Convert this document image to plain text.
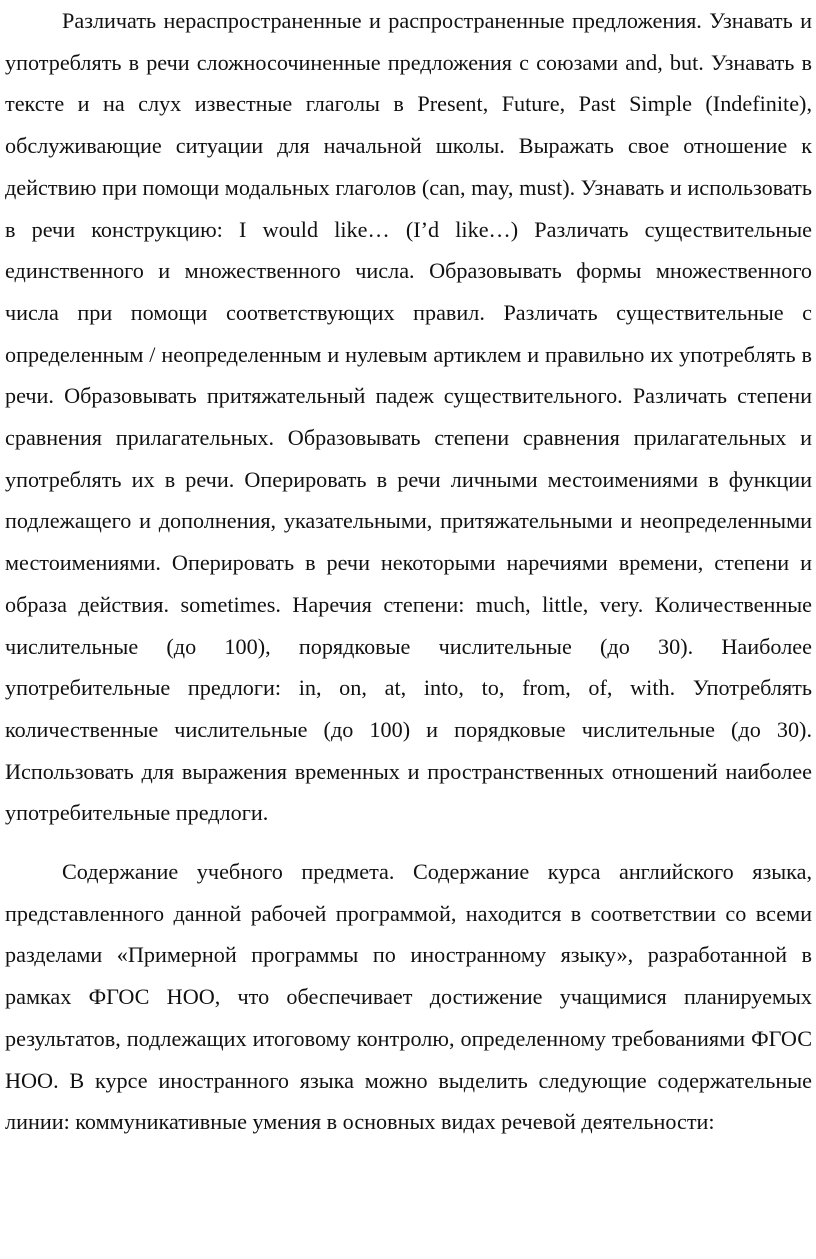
Различать нераспространенные и распространенные предложения. Узнавать и употреблять в речи сложносочиненные предложения с союзами and, but. Узнавать в тексте и на слух известные глаголы в Present, Future, Past Simple (Indefinite), обслуживающие ситуации для начальной школы. Выражать свое отношение к действию при помощи модальных глаголов (can, may, must). Узнавать и использовать в речи конструкцию: I would like… (I’d like…) Различать существительные единственного и множественного числа. Образовывать формы множественного числа при помощи соответствующих правил. Различать существительные с определенным / неопределенным и нулевым артиклем и правильно их употреблять в речи. Образовывать притяжательный падеж существительного. Различать степени сравнения прилагательных. Образовывать степени сравнения прилагательных и употреблять их в речи. Оперировать в речи личными местоимениями в функции подлежащего и дополнения, указательными, притяжательными и неопределенными местоимениями. Оперировать в речи некоторыми наречиями времени, степени и образа действия. sometimes. Наречия степени: much, little, very. Количественные числительные (до 100), порядковые числительные (до 30). Наиболее употребительные предлоги: in, on, at, into, to, from, of, with. Употреблять количественные числительные (до 100) и порядковые числительные (до 30). Использовать для выражения временных и пространственных отношений наиболее употребительные предлоги.

Содержание учебного предмета. Содержание курса английского языка, представленного данной рабочей программой, находится в соответствии со всеми разделами «Примерной программы по иностранному языку», разработанной в рамках ФГОС НОО, что обеспечивает достижение учащимися планируемых результатов, подлежащих итоговому контролю, определенному требованиями ФГОС НОО. В курсе иностранного языка можно выделить следующие содержательные линии: коммуникативные умения в основных видах речевой деятельности:
